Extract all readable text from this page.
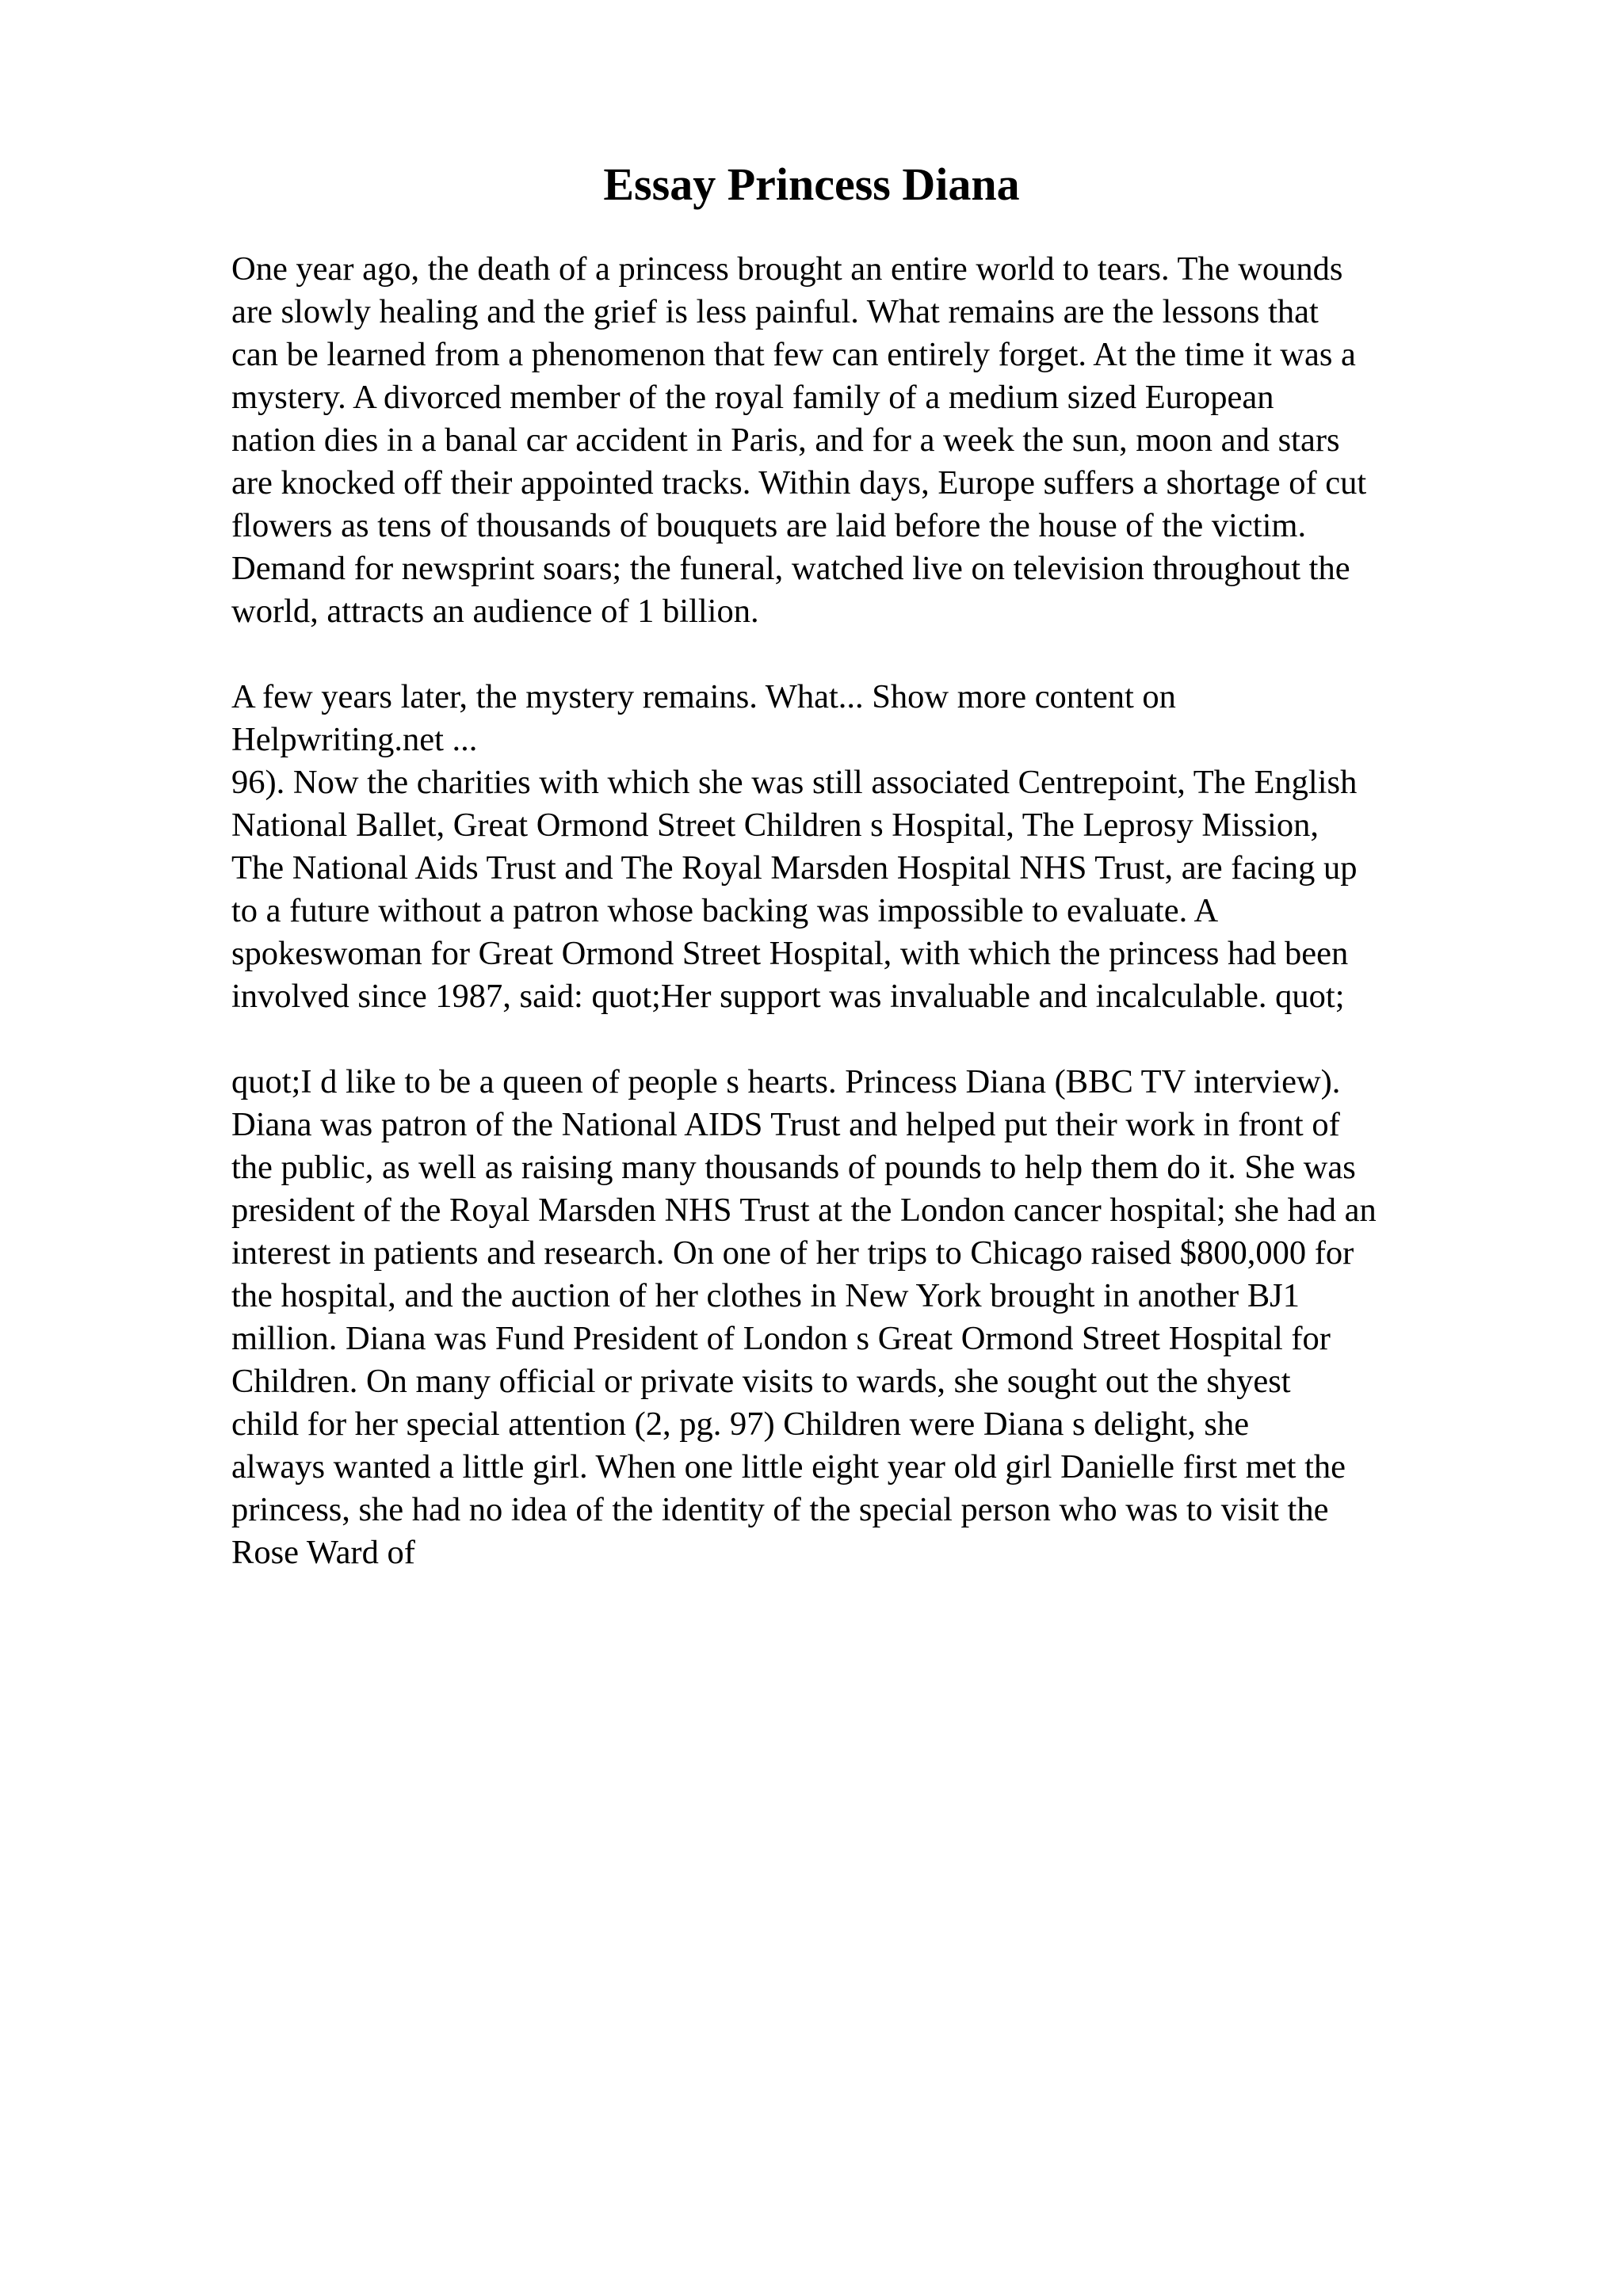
Essay Princess Diana

One year ago, the death of a princess brought an entire world to tears. The wounds
are slowly healing and the grief is less painful. What remains are the lessons that
can be learned from a phenomenon that few can entirely forget. At the time it was a
mystery. A divorced member of the royal family of a medium sized European
nation dies in a banal car accident in Paris, and for a week the sun, moon and stars
are knocked off their appointed tracks. Within days, Europe suffers a shortage of cut
flowers as tens of thousands of bouquets are laid before the house of the victim.
Demand for newsprint soars; the funeral, watched live on television throughout the
world, attracts an audience of 1 billion.

A few years later, the mystery remains. What... Show more content on
Helpwriting.net ...
96). Now the charities with which she was still associated Centrepoint, The English
National Ballet, Great Ormond Street Children s Hospital, The Leprosy Mission,
The National Aids Trust and The Royal Marsden Hospital NHS Trust, are facing up
to a future without a patron whose backing was impossible to evaluate. A
spokeswoman for Great Ormond Street Hospital, with which the princess had been
involved since 1987, said: quot;Her support was invaluable and incalculable. quot;

quot;I d like to be a queen of people s hearts. Princess Diana (BBC TV interview).
Diana was patron of the National AIDS Trust and helped put their work in front of
the public, as well as raising many thousands of pounds to help them do it. She was
president of the Royal Marsden NHS Trust at the London cancer hospital; she had an
interest in patients and research. On one of her trips to Chicago raised $800,000 for
the hospital, and the auction of her clothes in New York brought in another BJ1
million. Diana was Fund President of London s Great Ormond Street Hospital for
Children. On many official or private visits to wards, she sought out the shyest
child for her special attention (2, pg. 97) Children were Diana s delight, she
always wanted a little girl. When one little eight year old girl Danielle first met the
princess, she had no idea of the identity of the special person who was to visit the
Rose Ward of
